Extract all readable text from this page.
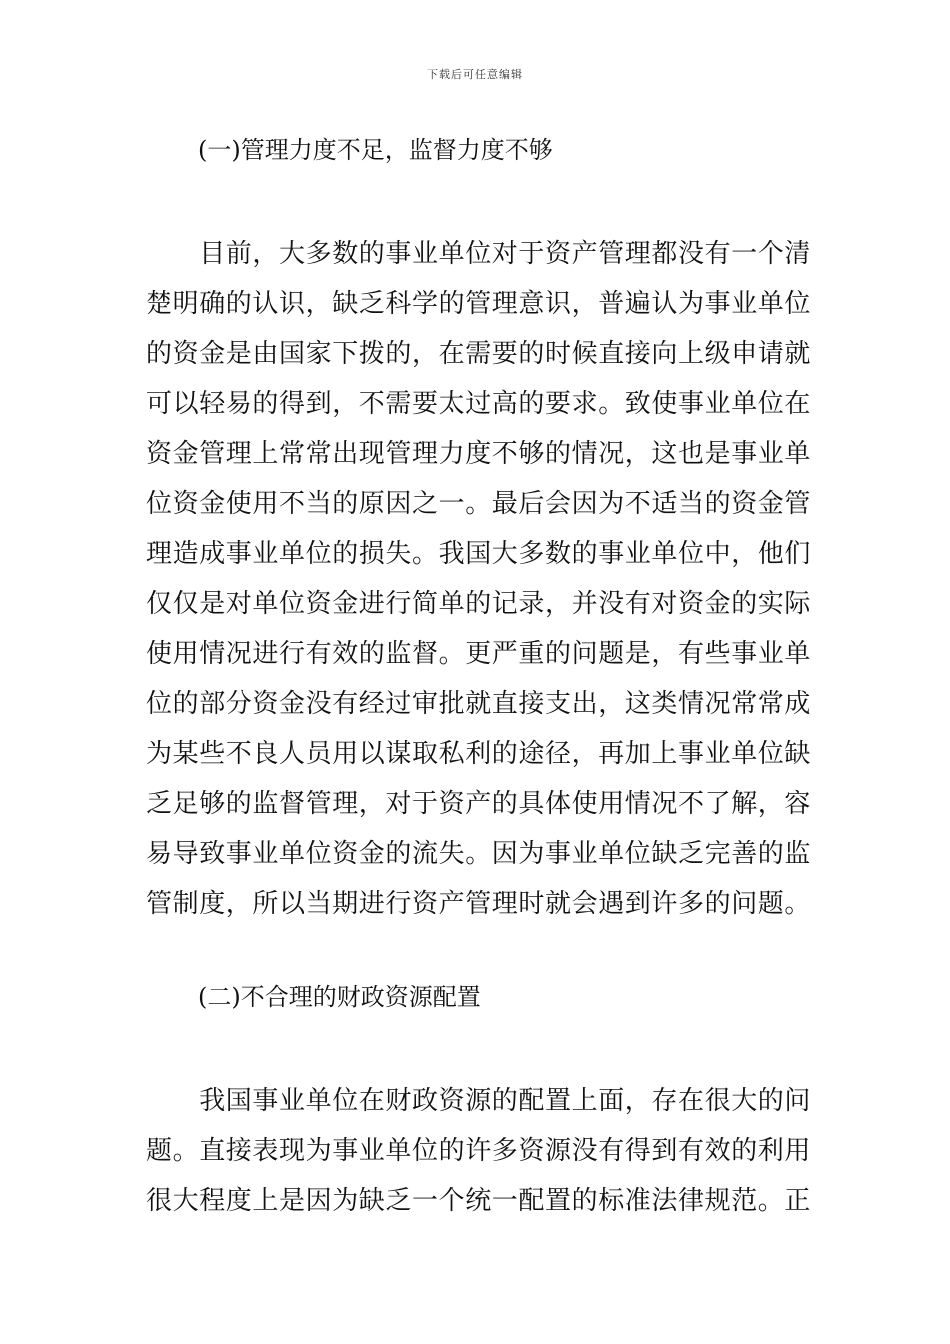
下载后可任意编辑
(一)管理力度不足，监督力度不够
　　目前，大多数的事业单位对于资产管理都没有一个清
楚明确的认识，缺乏科学的管理意识，普遍认为事业单位
的资金是由国家下拨的，在需要的时候直接向上级申请就
可以轻易的得到，不需要太过高的要求。致使事业单位在
资金管理上常常出现管理力度不够的情况，这也是事业单
位资金使用不当的原因之一。最后会因为不适当的资金管
理造成事业单位的损失。我国大多数的事业单位中，他们
仅仅是对单位资金进行简单的记录，并没有对资金的实际
使用情况进行有效的监督。更严重的问题是，有些事业单
位的部分资金没有经过审批就直接支出，这类情况常常成
为某些不良人员用以谋取私利的途径，再加上事业单位缺
乏足够的监督管理，对于资产的具体使用情况不了解，容
易导致事业单位资金的流失。因为事业单位缺乏完善的监
管制度，所以当期进行资产管理时就会遇到许多的问题。
(二)不合理的财政资源配置
　　我国事业单位在财政资源的配置上面，存在很大的问
题。直接表现为事业单位的许多资源没有得到有效的利用
很大程度上是因为缺乏一个统一配置的标准法律规范。正
